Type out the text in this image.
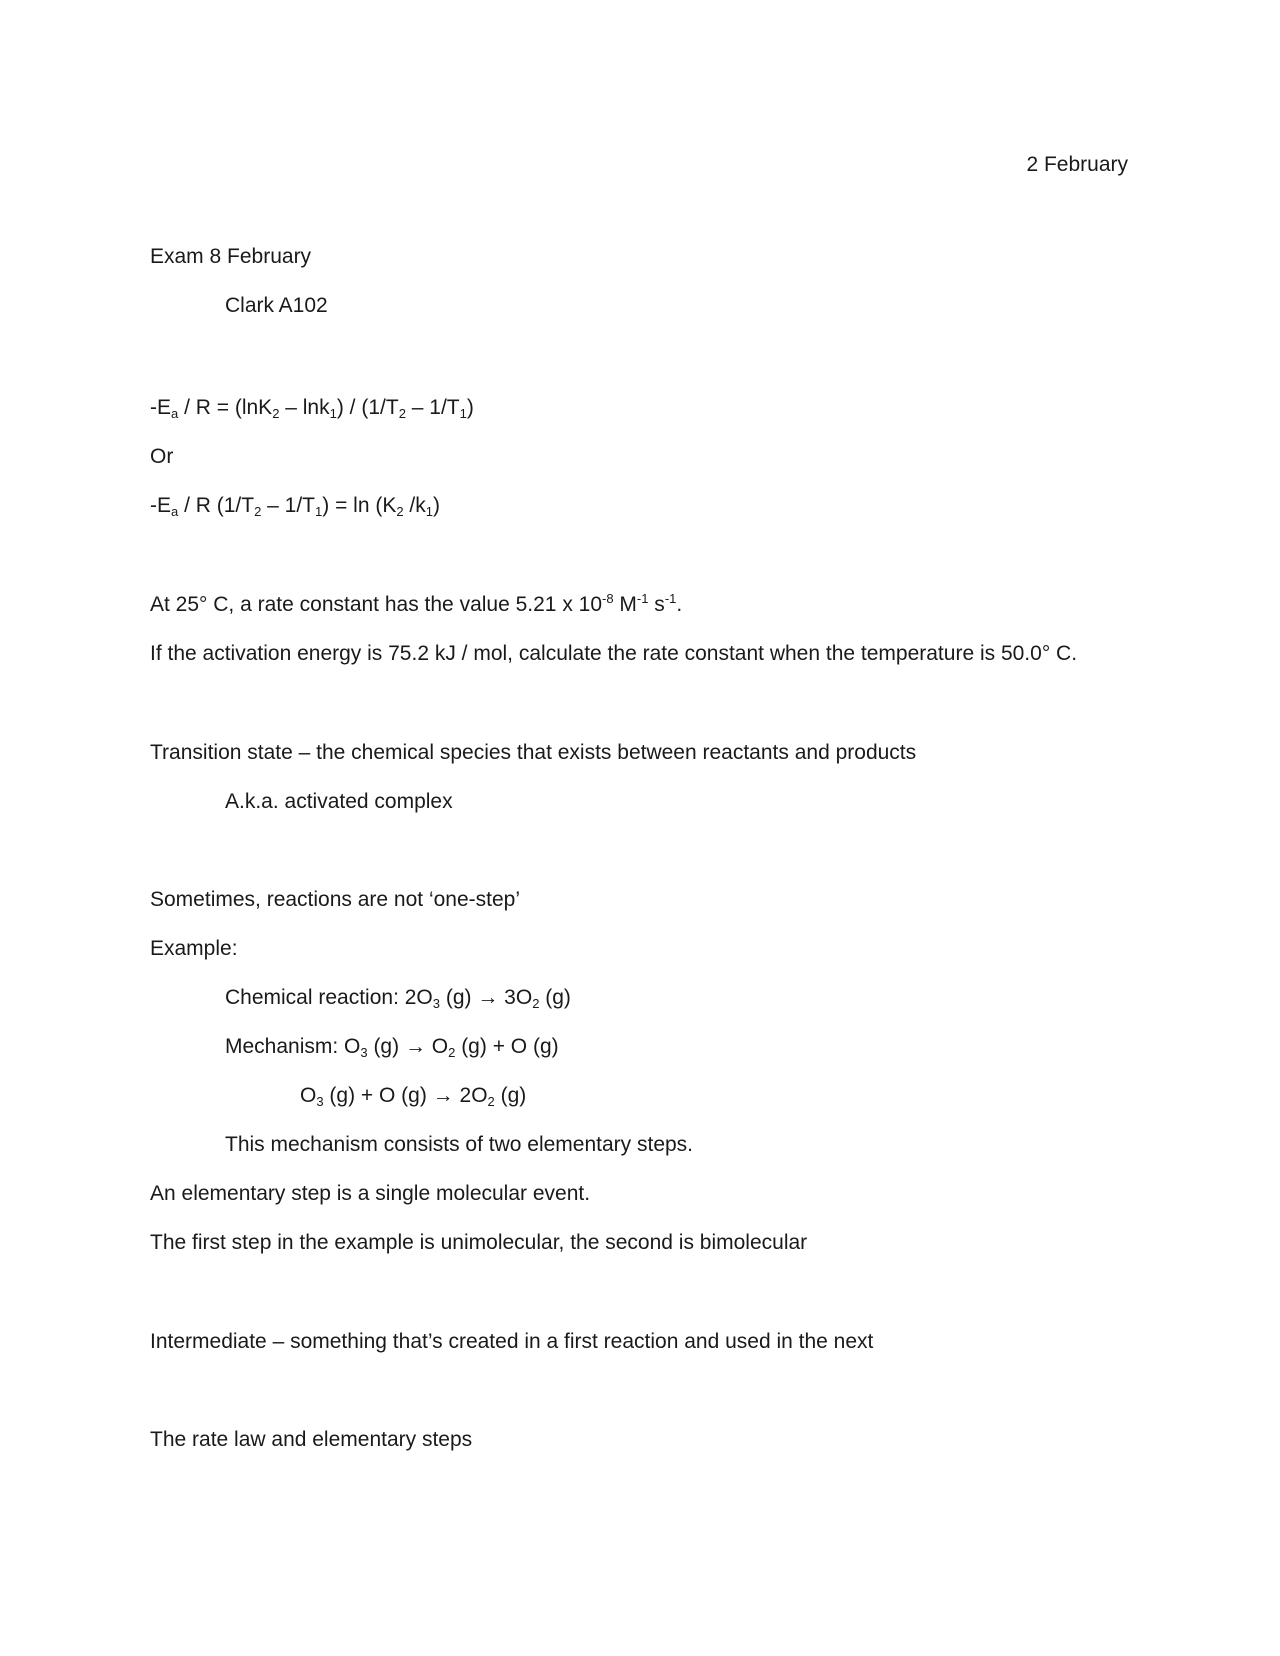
2 February
Exam 8 February
Clark A102
$-E_a / R = (\ln K_2 - \ln k_1) / (1/T_2 - 1/T_1)$
Or
$-E_a$ / R $(1/T_2 - 1/T_1) = \ln (K_2$ $/k_1$)
At 25° C, a rate constant has the value 5.21 x $10^{-8}$ $M^{-1}$ $s^{-1}$.
If the activation energy is 75.2 kJ / mol, calculate the rate constant when the temperature is 50.0° C.
Transition state – the chemical species that exists between reactants and products
A.k.a. activated complex
Sometimes, reactions are not ‘one-step’
Example:
Chemical reaction: $2O_3$ $(g) \to 3O_2$ (g)
Mechanism: $O_3$ $(g) \to O_2$ (g) + O (g)
$O_3$ (g) + O $(g) \to 2O_2$ (g)
This mechanism consists of two elementary steps.
An elementary step is a single molecular event.
The first step in the example is unimolecular, the second is bimolecular
Intermediate – something that’s created in a first reaction and used in the next
The rate law and elementary steps
